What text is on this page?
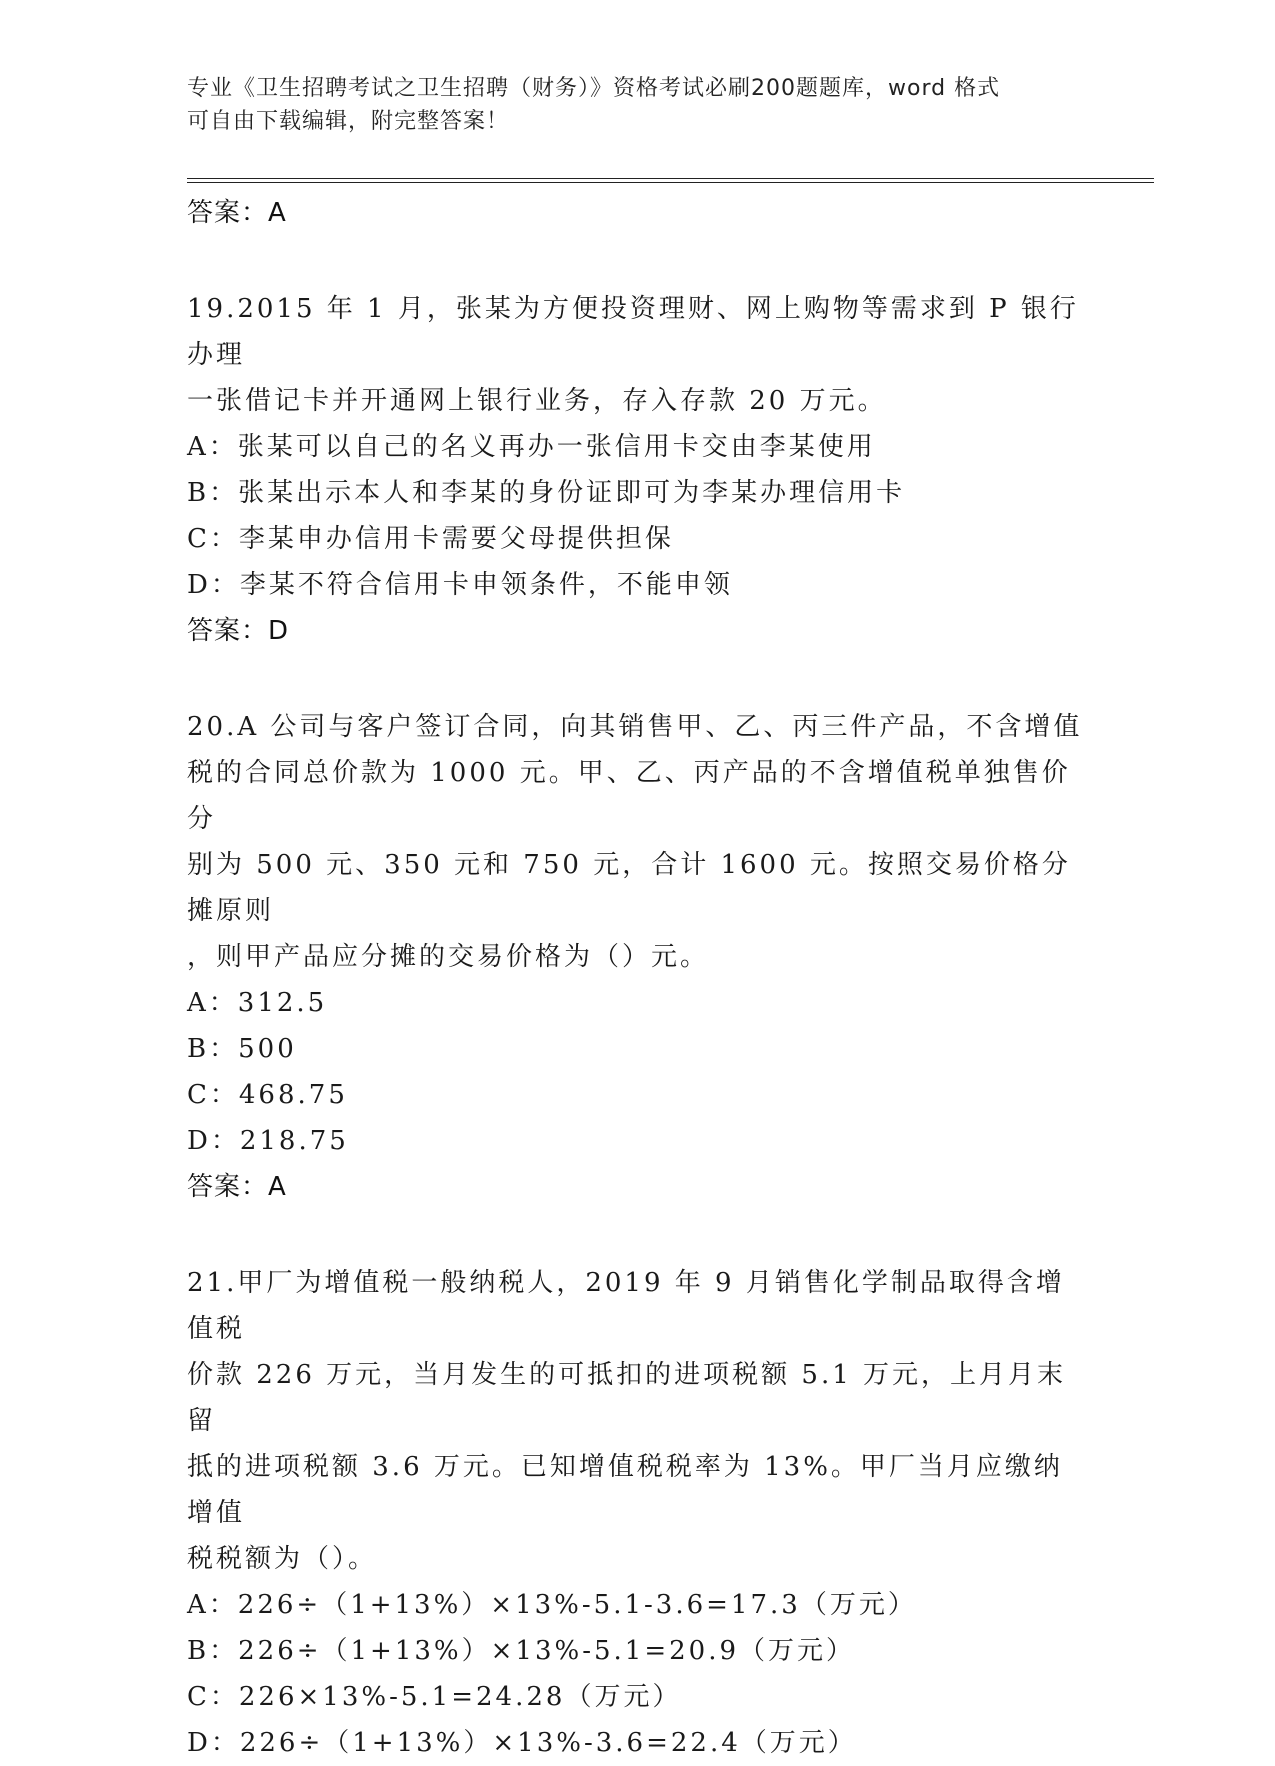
专业《卫生招聘考试之卫生招聘（财务）》资格考试必刷200题题库，word 格式
可自由下载编辑，附完整答案！

答案：A

19.2015 年 1 月，张某为方便投资理财、网上购物等需求到 P 银行办理

一张借记卡并开通网上银行业务，存入存款 20 万元。

A：张某可以自己的名义再办一张信用卡交由李某使用

B：张某出示本人和李某的身份证即可为李某办理信用卡

C：李某申办信用卡需要父母提供担保

D：李某不符合信用卡申领条件，不能申领

答案：D

20.A 公司与客户签订合同，向其销售甲、乙、丙三件产品，不含增值

税的合同总价款为 1000 元。甲、乙、丙产品的不含增值税单独售价分

别为 500 元、350 元和 750 元，合计 1600 元。按照交易价格分摊原则

，则甲产品应分摊的交易价格为（）元。

A：312.5

B：500

C：468.75

D：218.75

答案：A

21.甲厂为增值税一般纳税人，2019 年 9 月销售化学制品取得含增值税

价款 226 万元，当月发生的可抵扣的进项税额 5.1 万元，上月月末留

抵的进项税额 3.6 万元。已知增值税税率为 13%。甲厂当月应缴纳增值

税税额为（）。

A：226÷（1+13%）×13%-5.1-3.6=17.3（万元）

B：226÷（1+13%）×13%-5.1=20.9（万元）

C：226×13%-5.1=24.28（万元）

D：226÷（1+13%）×13%-3.6=22.4（万元）
